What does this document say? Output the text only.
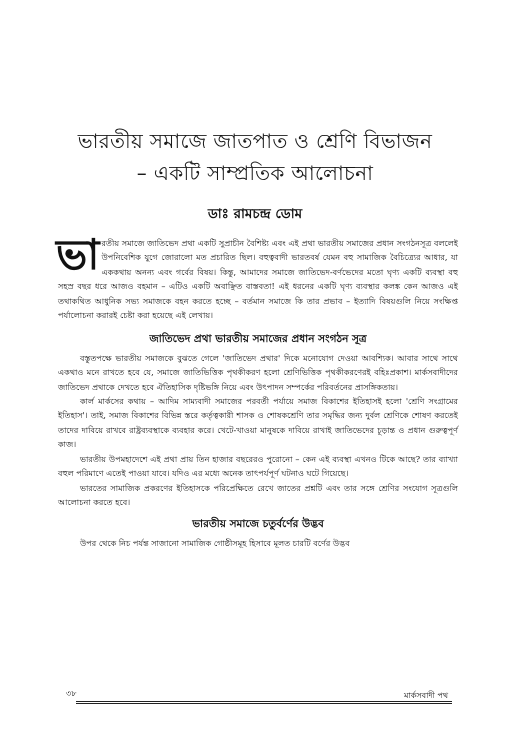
ভারতীয় সমাজে জাতপাত ও শ্রেণি বিভাজন
– একটি সাম্প্রতিক আলোচনা
ডাঃ রামচন্দ্র ডোম

ভারতীয় সমাজে জাতিভেদ প্রথা একটি সুপ্রাচীন বৈশিষ্ট্য এবং এই প্রথা ভারতীয় সমাজের প্রধান সংগঠনসূত্র বললেই উপনিবেশিক যুগে জোরালো মত প্রচারিত ছিল। বহুত্ববাদী ভারতবর্ষ যেমন বহু সামাজিক বৈচিত্র্যের আধার, যা এককথায় অনন্য এবং গর্বের বিষয়। কিন্তু, আমাদের সমাজে জাতিভেদ-বর্ণভেদের মতো ঘৃণ্য একটি ব্যবস্থা বহু সহস্র বছর ধরে আজও বহমান – এটিও একটি অবাঞ্ছিত বাস্তবতা! এই ধরনের একটি ঘৃণ্য ব্যবস্থার কলঙ্ক কেন আজও এই তথাকথিত আধুনিক সভ্য সমাজকে বহন করতে হচ্ছে – বর্তমান সমাজে কি তার প্রভাব – ইত্যাদি বিষয়গুলি নিয়ে সংক্ষিপ্ত পর্যালোচনা করারই চেষ্টা করা হয়েছে এই লেখায়।

জাতিভেদ প্রথা ভারতীয় সমাজের প্রধান সংগঠন সূত্র

বস্তুতপক্ষে ভারতীয় সমাজকে বুঝতে গেলে 'জাতিভেদ প্রথার' দিকে মনোযোগ দেওয়া আবশ্যিক। আবার সাথে সাথে একথাও মনে রাখতে হবে যে, সমাজে জাতিভিত্তিক পৃথকীকরণ হলো শ্রেণিভিত্তিক পৃথকীকরণেরই বহিঃপ্রকাশ। মার্কসবাদীদের জাতিভেদ প্রথাকে দেখতে হবে ঐতিহাসিক দৃষ্টিভঙ্গি নিয়ে এবং উৎপাদন সম্পর্কের পরিবর্তনের প্রাসঙ্গিকতায়।

কার্ল মার্কসের কথায় – আদিম সাম্যবাদী সমাজের পরবর্তী পর্যায়ে সমাজ বিকাশের ইতিহাসই হলো 'শ্রেণি সংগ্রামের ইতিহাস'। তাই, সমাজ বিকাশের বিভিন্ন স্তরে কর্তৃত্বকারী শাসক ও শোষকশ্রেণি তার সমৃদ্ধির জন্য দুর্বল শ্রেণিকে শোষণ করতেই তাদের দাবিয়ে রাখবে রাষ্ট্রব্যবস্থাকে ব্যবহার করে। খেটে-খাওয়া মানুষকে দাবিয়ে রাখাই জাতিভেদের চূড়ান্ত ও প্রধান গুরুত্বপূর্ণ কাজ।

ভারতীয় উপমহাদেশে এই প্রথা প্রায় তিন হাজার বছরেরও পুরোনো – কেন এই ব্যবস্থা এখনও টিকে আছে? তার ব্যাখ্যা বহুল পরিমাণে এতেই পাওয়া যাবে। যদিও এর মধ্যে অনেক তাৎপর্যপূর্ণ ঘটনাও ঘটে গিয়েছে।

ভারতের সামাজিক প্রকরণের ইতিহাসকে পরিপ্রেক্ষিতে রেখে জাতের প্রশ্নটি এবং তার সঙ্গে শ্রেণির সংযোগ সূত্রগুলি আলোচনা করতে হবে।

ভারতীয় সমাজে চতুর্বর্ণের উদ্ভব

উপর থেকে নিচ পর্যন্ত সাজানো সামাজিক গোষ্ঠীসমূহ হিসাবে মূলত চারটি বর্ণের উদ্ভব

৩৮	মার্কসবাদী পথ
